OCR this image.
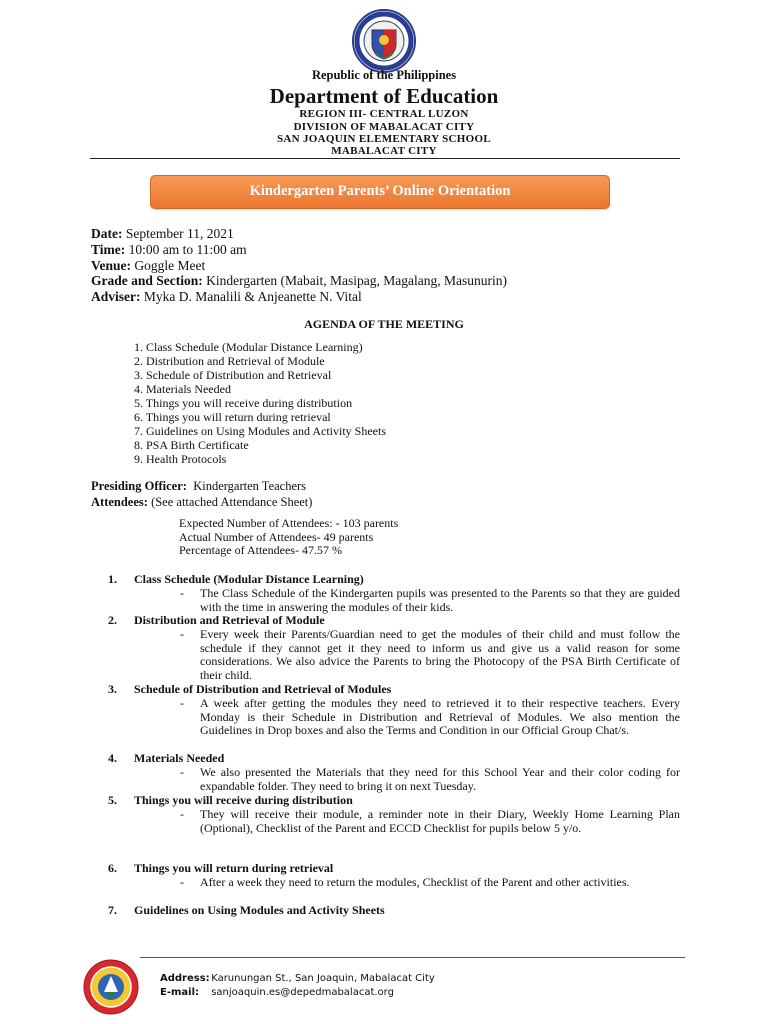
Republic of the Philippines
Department of Education
REGION III- CENTRAL LUZON
DIVISION OF MABALACAT CITY
SAN JOAQUIN ELEMENTARY SCHOOL
MABALACAT CITY
Kindergarten Parents’ Online Orientation
Date: September 11, 2021
Time: 10:00 am to 11:00 am
Venue: Goggle Meet
Grade and Section: Kindergarten (Mabait, Masipag, Magalang, Masunurin)
Adviser: Myka D. Manalili & Anjeanette N. Vital
AGENDA OF THE MEETING
1. Class Schedule (Modular Distance Learning)
2. Distribution and Retrieval of Module
3. Schedule of Distribution and Retrieval
4. Materials Needed
5. Things you will receive during distribution
6. Things you will return during retrieval
7. Guidelines on Using Modules and Activity Sheets
8. PSA Birth Certificate
9. Health Protocols
Presiding Officer: Kindergarten Teachers
Attendees: (See attached Attendance Sheet)
Expected Number of Attendees: - 103 parents
Actual Number of Attendees- 49 parents
Percentage of Attendees- 47.57 %
1. Class Schedule (Modular Distance Learning)
- The Class Schedule of the Kindergarten pupils was presented to the Parents so that they are guided with the time in answering the modules of their kids.
2. Distribution and Retrieval of Module
- Every week their Parents/Guardian need to get the modules of their child and must follow the schedule if they cannot get it they need to inform us and give us a valid reason for some considerations. We also advice the Parents to bring the Photocopy of the PSA Birth Certificate of their child.
3. Schedule of Distribution and Retrieval of Modules
- A week after getting the modules they need to retrieved it to their respective teachers. Every Monday is their Schedule in Distribution and Retrieval of Modules. We also mention the Guidelines in Drop boxes and also the Terms and Condition in our Official Group Chat/s.
4. Materials Needed
- We also presented the Materials that they need for this School Year and their color coding for expandable folder. They need to bring it on next Tuesday.
5. Things you will receive during distribution
- They will receive their module, a reminder note in their Diary, Weekly Home Learning Plan (Optional), Checklist of the Parent and ECCD Checklist for pupils below 5 y/o.
6. Things you will return during retrieval
- After a week they need to return the modules, Checklist of the Parent and other activities.
7. Guidelines on Using Modules and Activity Sheets
Address: Karunungan St., San Joaquin, Mabalacat City
E-mail: sanjoaquin.es@depedmabalacat.org
